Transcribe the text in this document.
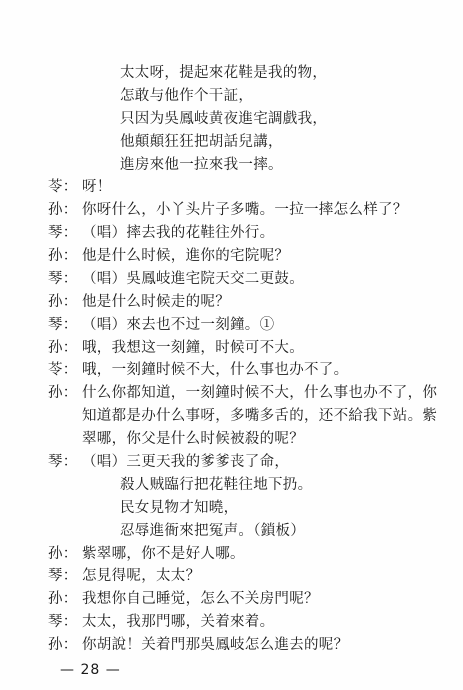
太太呀，提起來花鞋是我的物，
怎敢与他作个干証，
只因为吳鳳岐黄夜進宅調戲我，
他顛顛狂狂把胡話兒講，
進房來他一拉來我一摔。
苓： 呀！
孙： 你呀什么，小丫头片子多嘴。一拉一摔怎么样了？
琴： （唱）摔去我的花鞋往外行。
孙： 他是什么时候，進你的宅院呢？
琴： （唱）吳鳳岐進宅院天交二更鼓。
孙： 他是什么时候走的呢？
琴： （唱）來去也不过一刻鐘。①
孙： 哦，我想这一刻鐘，时候可不大。
苓： 哦，一刻鐘时候不大，什么事也办不了。
孙： 什么你都知道，一刻鐘时候不大，什么事也办不了，你
知道都是办什么事呀，多嘴多舌的，还不給我下站。紫
翠哪，你父是什么时候被殺的呢？
琴： （唱）三更天我的爹爹丧了命，
殺人贼臨行把花鞋往地下扔。
民女見物才知曉，
忍辱進衙來把冤声。（鎖板）
孙： 紫翠哪，你不是好人哪。
琴： 怎見得呢，太太？
孙： 我想你自己睡觉，怎么不关房門呢？
琴： 太太，我那門哪，关着來着。
孙： 你胡說！关着門那吳鳳岐怎么進去的呢？
— 28 —
